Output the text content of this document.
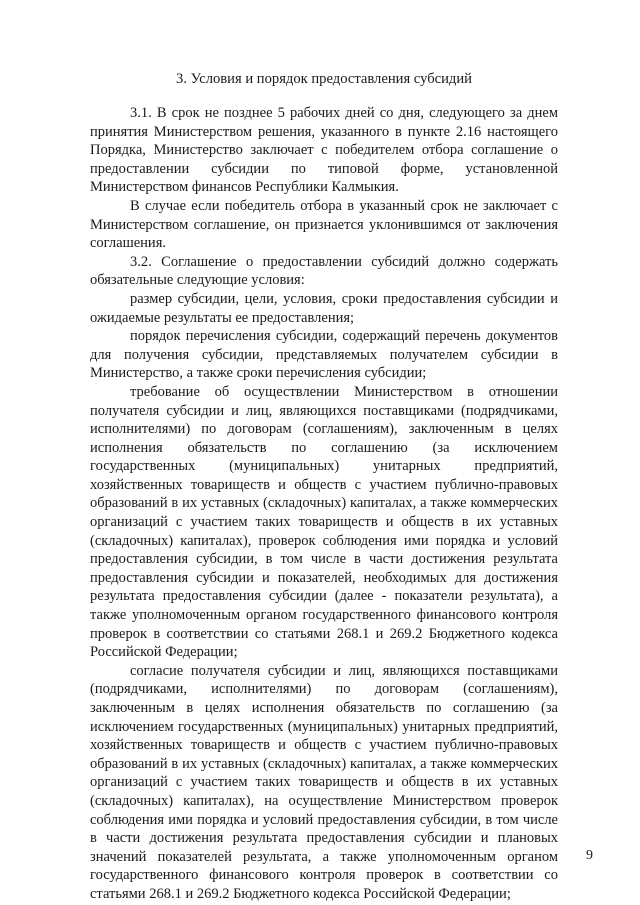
3. Условия и порядок предоставления субсидий

3.1. В срок не позднее 5 рабочих дней со дня, следующего за днем принятия Министерством решения, указанного в пункте 2.16 настоящего Порядка, Министерство заключает с победителем отбора соглашение о предоставлении субсидии по типовой форме, установленной Министерством финансов Республики Калмыкия.

В случае если победитель отбора в указанный срок не заключает с Министерством соглашение, он признается уклонившимся от заключения соглашения.

3.2. Соглашение о предоставлении субсидий должно содержать обязательные следующие условия:

размер субсидии, цели, условия, сроки предоставления субсидии и ожидаемые результаты ее предоставления;

порядок перечисления субсидии, содержащий перечень документов для получения субсидии, представляемых получателем субсидии в Министерство, а также сроки перечисления субсидии;

требование об осуществлении Министерством в отношении получателя субсидии и лиц, являющихся поставщиками (подрядчиками, исполнителями) по договорам (соглашениям), заключенным в целях исполнения обязательств по соглашению (за исключением государственных (муниципальных) унитарных предприятий, хозяйственных товариществ и обществ с участием публично-правовых образований в их уставных (складочных) капиталах, а также коммерческих организаций с участием таких товариществ и обществ в их уставных (складочных) капиталах), проверок соблюдения ими порядка и условий предоставления субсидии, в том числе в части достижения результата предоставления субсидии и показателей, необходимых для достижения результата предоставления субсидии (далее - показатели результата), а также уполномоченным органом государственного финансового контроля проверок в соответствии со статьями 268.1 и 269.2 Бюджетного кодекса Российской Федерации;

согласие получателя субсидии и лиц, являющихся поставщиками (подрядчиками, исполнителями) по договорам (соглашениям), заключенным в целях исполнения обязательств по соглашению (за исключением государственных (муниципальных) унитарных предприятий, хозяйственных товариществ и обществ с участием публично-правовых образований в их уставных (складочных) капиталах, а также коммерческих организаций с участием таких товариществ и обществ в их уставных (складочных) капиталах), на осуществление Министерством проверок соблюдения ими порядка и условий предоставления субсидии, в том числе в части достижения результата предоставления субсидии и плановых значений показателей результата, а также уполномоченным органом государственного финансового контроля проверок в соответствии со статьями 268.1 и 269.2 Бюджетного кодекса Российской Федерации;

9
